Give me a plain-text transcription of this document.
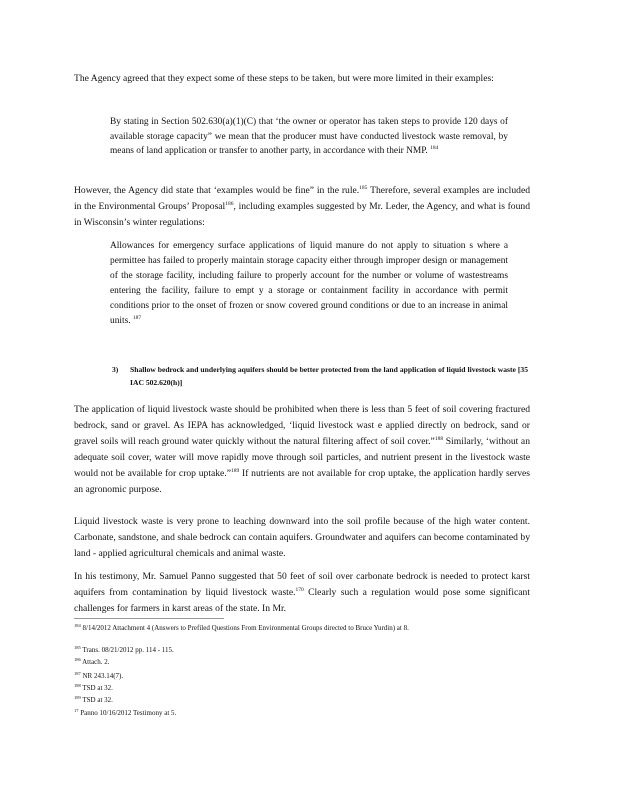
The Agency agreed that they expect some of these steps to be taken, but were more limited in their examples:

By stating in Section 502.630(a)(1)(C) that ‘the owner or operator has taken steps to provide 120 days of available storage capacity” we mean that the producer must have conducted livestock waste removal, by means of land application or transfer to another party, in accordance with their NMP. $^{184}$

However, the Agency did state that ‘examples would be fine” in the rule.$^{185}$ Therefore, several examples are included in the Environmental Groups’ Proposal$^{186}$, including examples suggested by Mr. Leder, the Agency, and what is found in Wisconsin’s winter regulations:

Allowances for emergency surface applications of liquid manure do not apply to situation s where a permittee has failed to properly maintain storage capacity either through improper design or management of the storage facility, including failure to properly account for the number or volume of wastestreams entering the facility, failure to empt y a storage or containment facility in accordance with permit conditions prior to the onset of frozen or snow covered ground conditions or due to an increase in animal units. $^{187}$

3) Shallow bedrock and underlying aquifers should be better protected from the land application of liquid livestock waste [35 IAC 502.620(h)]

The application of liquid livestock waste should be prohibited when there is less than 5 feet of soil covering fractured bedrock, sand or gravel. As IEPA has acknowledged, ‘liquid livestock wast e applied directly on bedrock, sand or gravel soils will reach ground water quickly without the natural filtering affect of soil cover.”$^{188}$ Similarly, ‘without an adequate soil cover, water will move rapidly move through soil particles, and nutrient present in the livestock waste would not be available for crop uptake.”$^{189}$ If nutrients are not available for crop uptake, the application hardly serves an agronomic purpose.

Liquid livestock waste is very prone to leaching downward into the soil profile because of the high water content. Carbonate, sandstone, and shale bedrock can contain aquifers. Groundwater and aquifers can become contaminated by land - applied agricultural chemicals and animal waste.

In his testimony, Mr. Samuel Panno suggested that 50 feet of soil over carbonate bedrock is needed to protect karst aquifers from contamination by liquid livestock waste.$^{170}$ Clearly such a regulation would pose some significant challenges for farmers in karst areas of the state. In Mr.

$^{184}$ 8/14/2012 Attachment 4 (Answers to Prefiled Questions From Environmental Groups directed to Bruce Yurdin) at 8.

$^{185}$ Trans. 08/21/2012 pp. 114 - 115.

$^{186}$ Attach. 2.

$^{187}$ NR 243.14(7).

$^{188}$ TSD at 32.

$^{189}$ TSD at 32.

$^{17}$ Panno 10/16/2012 Testimony at 5.
